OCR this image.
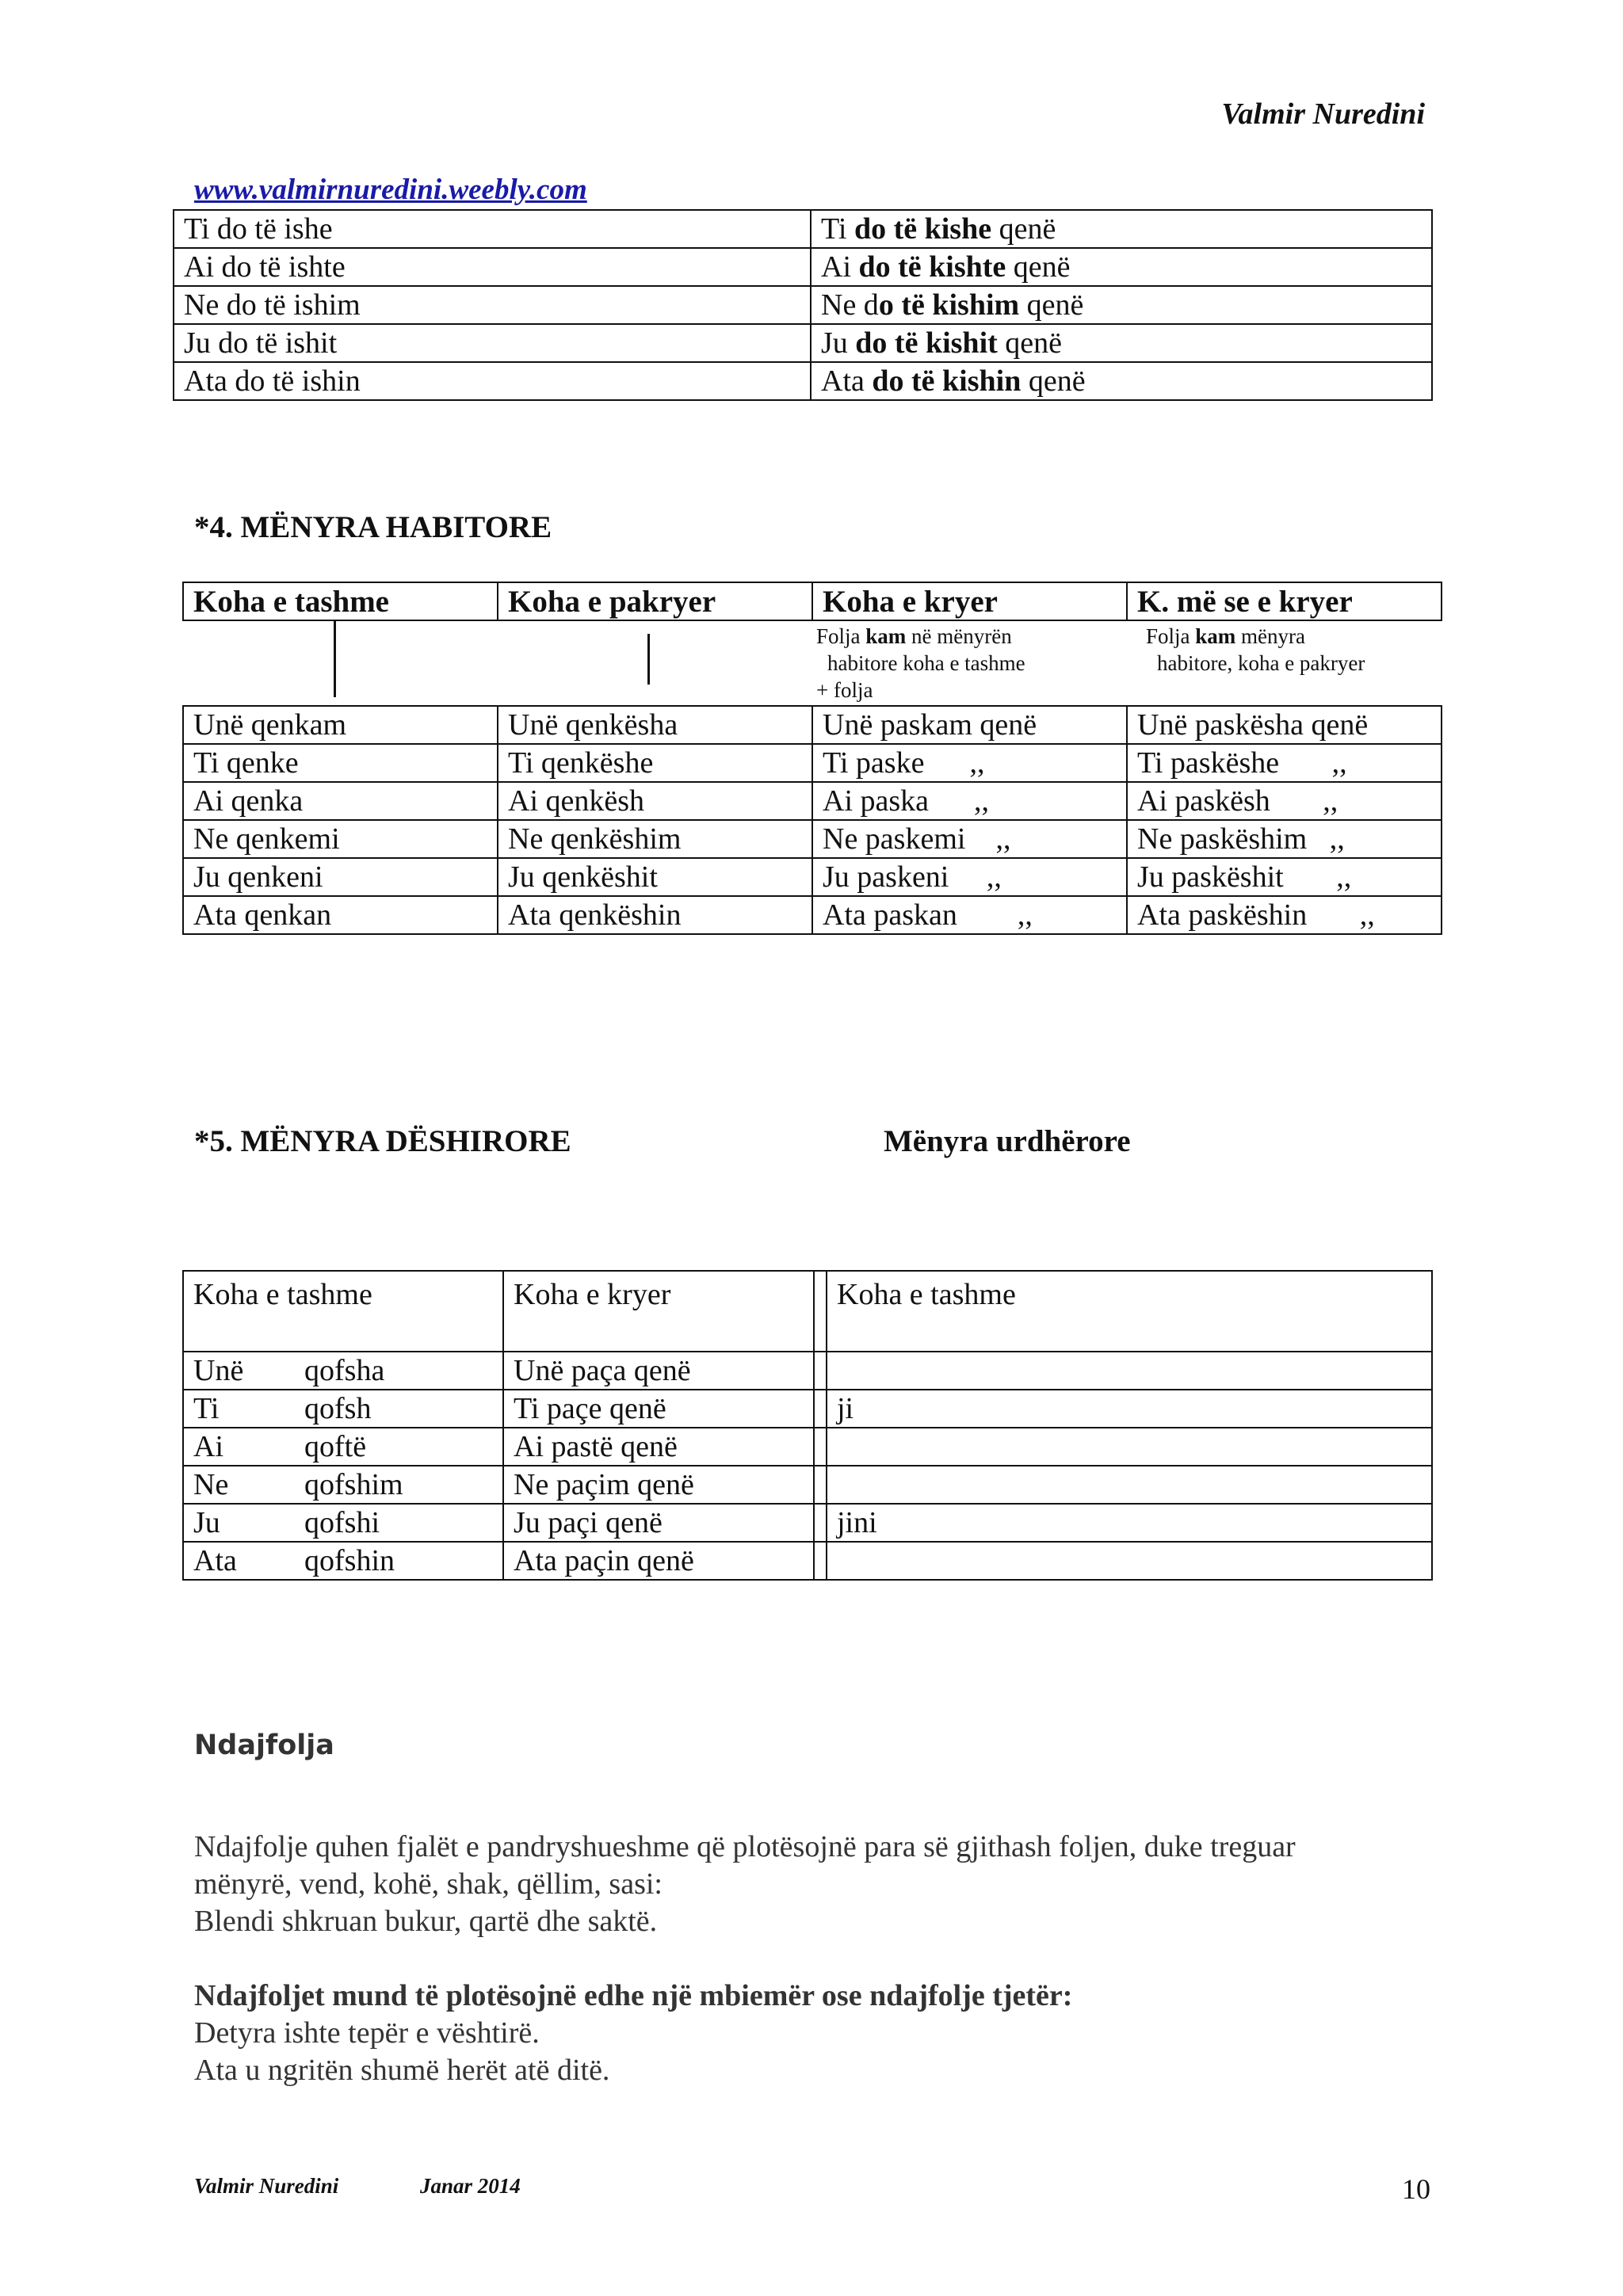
Valmir Nuredini
www.valmirnuredini.weebly.com
Ti do të ishe	Ti do të kishe qenë
Ai do të ishte	Ai do të kishte qenë
Ne do të ishim	Ne do të kishim qenë
Ju do të ishit	Ju do të kishit qenë
Ata do të ishin	Ata do të kishin qenë
*4. MËNYRA HABITORE
Koha e tashme	Koha e pakryer	Koha e kryer	K. më se e kryer
Folja kam në mënyrën
habitore koha e tashme
+ folja
Folja kam mënyra
habitore, koha e pakryer
Unë qenkam	Unë qenkësha	Unë paskam qenë	Unë paskësha qenë
Ti qenke	Ti qenkëshe	Ti paske      ,,	Ti paskëshe       ,,
Ai qenka	Ai qenkësh	Ai paska      ,,	Ai paskësh       ,,
Ne qenkemi	Ne qenkëshim	Ne paskemi    ,,	Ne paskëshim   ,,
Ju qenkeni	Ju qenkëshit	Ju paskeni     ,,	Ju paskëshit       ,,
Ata qenkan	Ata qenkëshin	Ata paskan        ,,	Ata paskëshin       ,,
*5. MËNYRA DËSHIRORE	Mënyra urdhërore
Koha e tashme	Koha e kryer		Koha e tashme
Unë qofsha	Unë paça qenë		
Ti qofsh	Ti paçe qenë		ji
Ai qoftë	Ai pastë qenë		
Ne qofshim	Ne paçim qenë		
Ju qofshi	Ju paçi qenë		jini
Ata qofshin	Ata paçin qenë		
Ndajfolja
Ndajfolje quhen fjalët e pandryshueshme që plotësojnë para së gjithash foljen, duke treguar
mënyrë, vend, kohë, shak, qëllim, sasi:
Blendi shkruan bukur, qartë dhe saktë.
Ndajfoljet mund të plotësojnë edhe një mbiemër ose ndajfolje tjetër:
Detyra ishte tepër e vështirë.
Ata u ngritën shumë herët atë ditë.
Valmir Nuredini	Janar 2014	10
